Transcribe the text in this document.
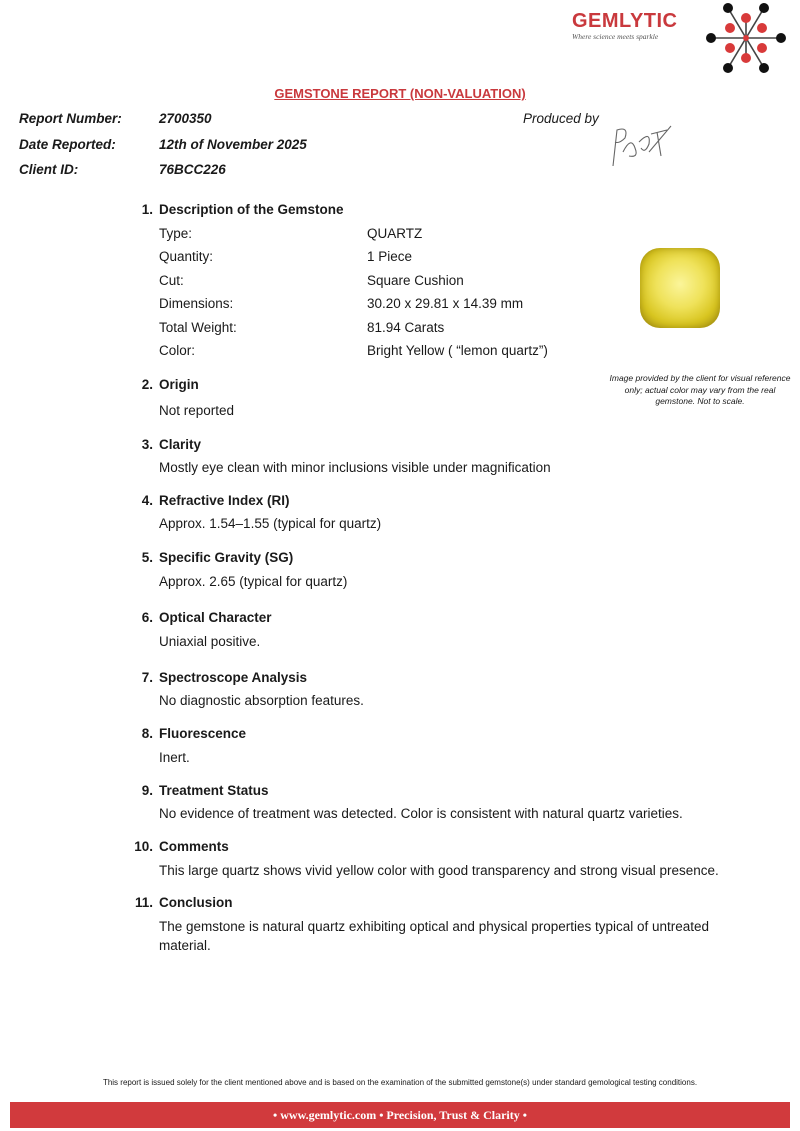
GEMLYTIC
Where science meets sparkle
GEMSTONE REPORT (NON-VALUATION)
Report Number:	2700350
Date Reported:	12th of November 2025
Client ID:	76BCC226
Produced by
1. Description of the Gemstone
Type:	QUARTZ
Quantity:	1 Piece
Cut:	Square Cushion
Dimensions:	30.20 x 29.81 x 14.39 mm
Total Weight:	81.94 Carats
Color:	Bright Yellow ( “lemon quartz”)
Image provided by the client for visual reference only; actual color may vary from the real gemstone. Not to scale.
2. Origin
Not reported
3. Clarity
Mostly eye clean with minor inclusions visible under magnification
4. Refractive Index (RI)
Approx. 1.54–1.55 (typical for quartz)
5. Specific Gravity (SG)
Approx. 2.65 (typical for quartz)
6. Optical Character
Uniaxial positive.
7. Spectroscope Analysis
No diagnostic absorption features.
8. Fluorescence
Inert.
9. Treatment Status
No evidence of treatment was detected. Color is consistent with natural quartz varieties.
10. Comments
This large quartz shows vivid yellow color with good transparency and strong visual presence.
11. Conclusion
The gemstone is natural quartz exhibiting optical and physical properties typical of untreated material.
This report is issued solely for the client mentioned above and is based on the examination of the submitted gemstone(s) under standard gemological testing conditions.
• www.gemlytic.com • Precision, Trust & Clarity •
